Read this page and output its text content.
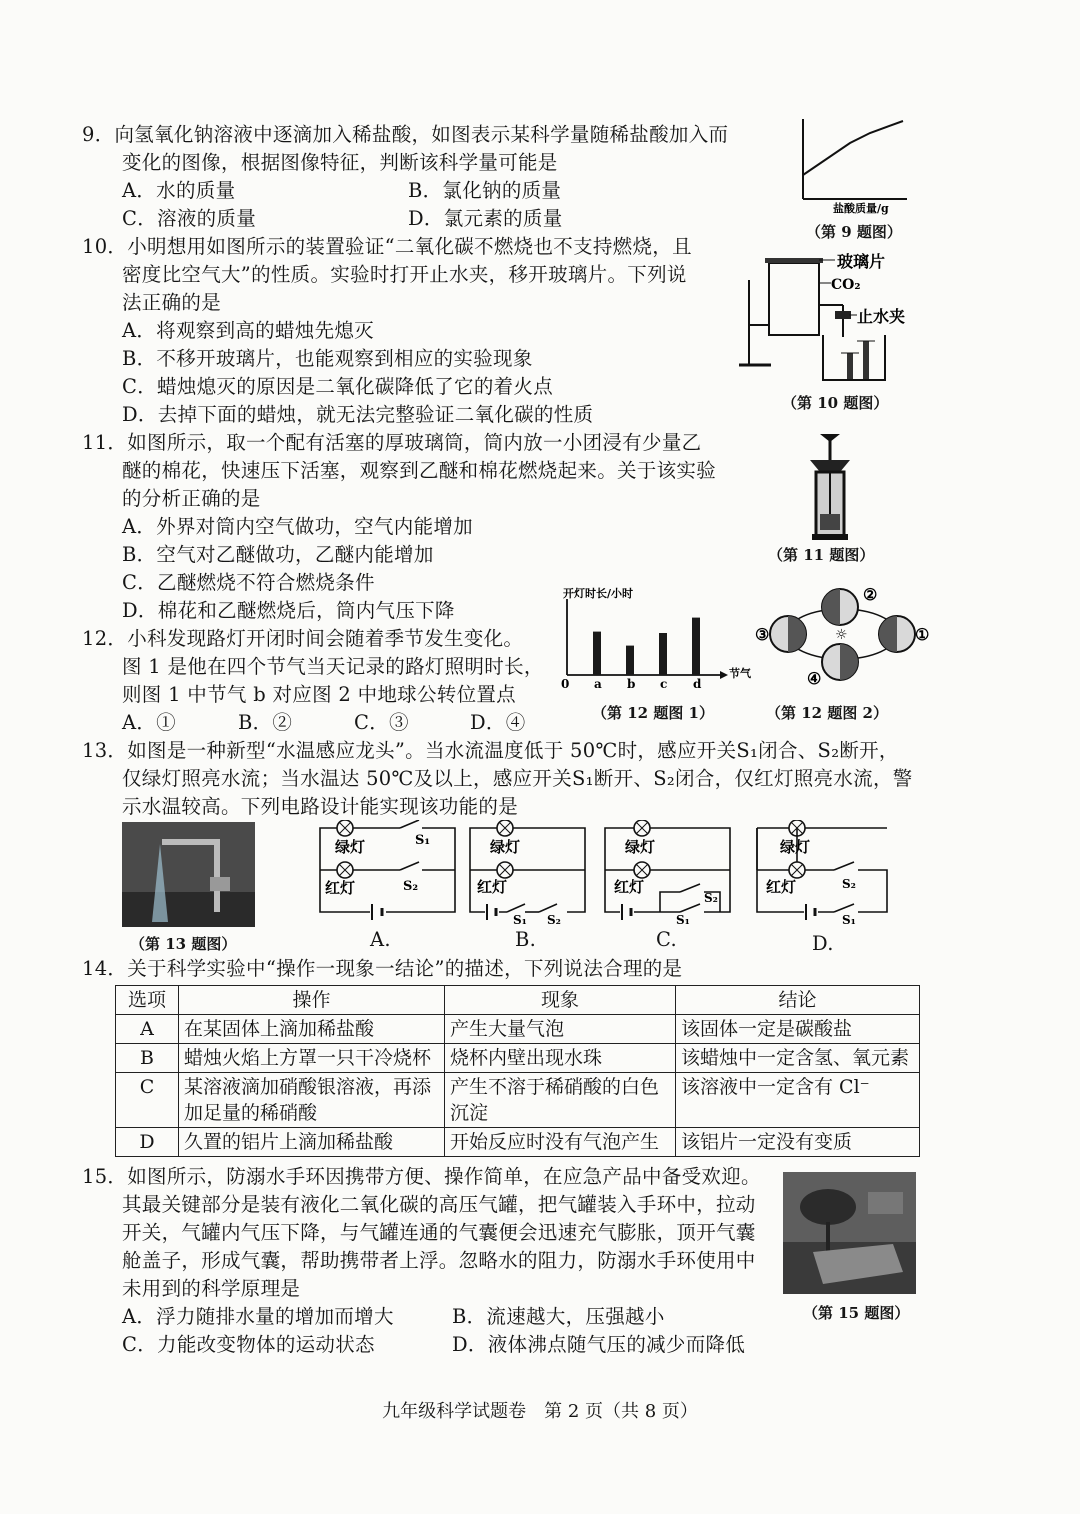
9．向氢氧化钠溶液中逐滴加入稀盐酸，如图表示某科学量随稀盐酸加入而
变化的图像，根据图像特征，判断该科学量可能是
A．水的质量	B．氯化钠的质量
C．溶液的质量	D．氯元素的质量	盐酸质量/g
（第 9 题图）
10．小明想用如图所示的装置验证“二氧化碳不燃烧也不支持燃烧，且
密度比空气大”的性质。实验时打开止水夹，移开玻璃片。下列说
法正确的是
A．将观察到高的蜡烛先熄灭
B．不移开玻璃片，也能观察到相应的实验现象
C．蜡烛熄灭的原因是二氧化碳降低了它的着火点
D．去掉下面的蜡烛，就无法完整验证二氧化碳的性质
玻璃片
CO₂
止水夹
（第 10 题图）
11．如图所示，取一个配有活塞的厚玻璃筒，筒内放一小团浸有少量乙
醚的棉花，快速压下活塞，观察到乙醚和棉花燃烧起来。关于该实验
的分析正确的是
A．外界对筒内空气做功，空气内能增加
B．空气对乙醚做功，乙醚内能增加
C．乙醚燃烧不符合燃烧条件
D．棉花和乙醚燃烧后，筒内气压下降
（第 11 题图）
12．小科发现路灯开闭时间会随着季节发生变化。
图 1 是他在四个节气当天记录的路灯照明时长，
则图 1 中节气 b 对应图 2 中地球公转位置点
A．①	B．②	C．③	D．④
开灯时长/小时
节气
0 a b c d
（第 12 题图 1）
☼
②
③	①
④
（第 12 题图 2）
13．如图是一种新型“水温感应龙头”。当水流温度低于 50℃时，感应开关S₁闭合、S₂断开，
仅绿灯照亮水流；当水温达 50℃及以上，感应开关S₁断开、S₂闭合，仅红灯照亮水流，警
示水温较高。下列电路设计能实现该功能的是
（第 13 题图）
绿灯
红灯
S₁
S₂
A.
绿灯
红灯
S₁ S₂
B.
绿灯
红灯
S₂
S₁
C.
绿灯
红灯	S₂
S₁
D.
14．关于科学实验中“操作一现象一结论”的描述，下列说法合理的是
选项	操作	现象	结论
A	在某固体上滴加稀盐酸	产生大量气泡	该固体一定是碳酸盐
B	蜡烛火焰上方罩一只干冷烧杯	烧杯内壁出现水珠	该蜡烛中一定含氢、氧元素
C	某溶液滴加硝酸银溶液，再添加足量的稀硝酸	产生不溶于稀硝酸的白色沉淀	该溶液中一定含有 Cl⁻
D	久置的铝片上滴加稀盐酸	开始反应时没有气泡产生	该铝片一定没有变质
15．如图所示，防溺水手环因携带方便、操作简单，在应急产品中备受欢迎。
其最关键部分是装有液化二氧化碳的高压气罐，把气罐装入手环中，拉动
开关，气罐内气压下降，与气罐连通的气囊便会迅速充气膨胀，顶开气囊
舱盖子，形成气囊，帮助携带者上浮。忽略水的阻力，防溺水手环使用中
未用到的科学原理是
A．浮力随排水量的增加而增大	B．流速越大，压强越小
C．力能改变物体的运动状态	D．液体沸点随气压的减少而降低
（第 15 题图）
九年级科学试题卷　第 2 页（共 8 页）
